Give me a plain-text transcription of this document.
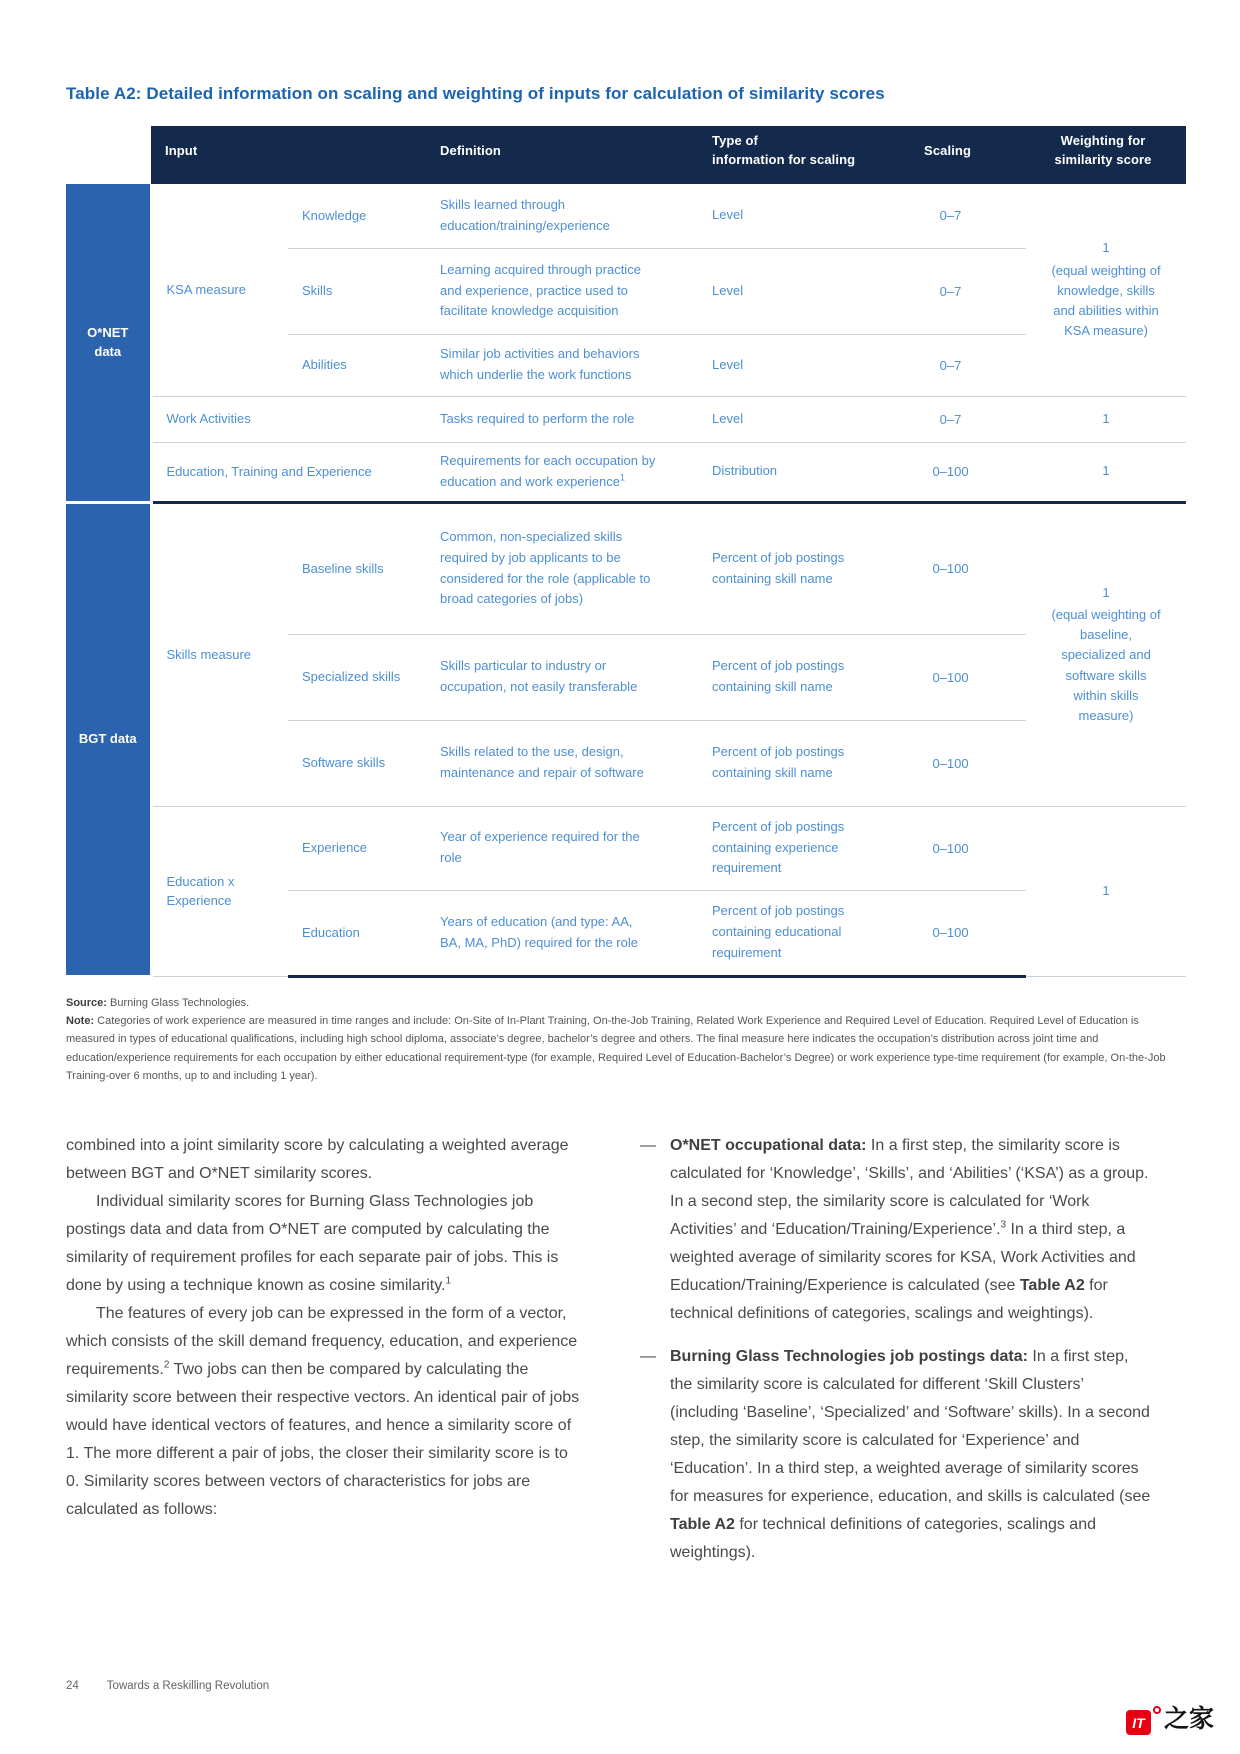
Table A2: Detailed information on scaling and weighting of inputs for calculation of similarity scores
	Input		Definition	Type of
information for scaling	Scaling	Weighting for
similarity score

O*NET data	KSA measure	Knowledge	Skills learned through education/training/experience	Level	0–7	1
(equal weighting of knowledge, skills and abilities within KSA measure)

		Skills	Learning acquired through practice and experience, practice used to facilitate knowledge acquisition	Level	0–7	
		Abilities	Similar job activities and behaviors which underlie the work functions	Level	0–7	
	Work Activities		Tasks required to perform the role	Level	0–7	1
	Education, Training and Experience		Requirements for each occupation by education and work experience$^1$	Distribution	0–100	1
BGT data	Skills measure	Baseline skills	Common, non-specialized skills required by job applicants to be considered for the role (applicable to broad categories of jobs)	Percent of job postings containing skill name	0–100	1
(equal weighting of baseline, specialized and software skills within skills measure)

		Specialized skills	Skills particular to industry or occupation, not easily transferable	Percent of job postings containing skill name	0–100	
		Software skills	Skills related to the use, design, maintenance and repair of software	Percent of job postings containing skill name	0–100	
	Education x Experience	Experience	Year of experience required for the role	Percent of job postings containing experience requirement	0–100	1
		Education	Years of education (and type: AA, BA, MA, PhD) required for the role	Percent of job postings containing educational requirement	0–100	

Source: Burning Glass Technologies.

Note: Categories of work experience are measured in time ranges and include: On-Site of In-Plant Training, On-the-Job Training, Related Work Experience and Required Level of Education. Required Level of Education is measured in types of educational qualifications, including high school diploma, associate’s degree, bachelor’s degree and others. The final measure here indicates the occupation’s distribution across joint time and education/experience requirements for each occupation by either educational requirement-type (for example, Required Level of Education-Bachelor’s Degree) or work experience type-time requirement (for example, On-the-Job Training-over 6 months, up to and including 1 year).

combined into a joint similarity score by calculating a weighted average between BGT and O*NET similarity scores.

Individual similarity scores for Burning Glass Technologies job postings data and data from O*NET are computed by calculating the similarity of requirement profiles for each separate pair of jobs. This is done by using a technique known as cosine similarity.$^1$

The features of every job can be expressed in the form of a vector, which consists of the skill demand frequency, education, and experience requirements.$^2$ Two jobs can then be compared by calculating the similarity score between their respective vectors. An identical pair of jobs would have identical vectors of features, and hence a similarity score of 1. The more different a pair of jobs, the closer their similarity score is to 0. Similarity scores between vectors of characteristics for jobs are calculated as follows:

— O*NET occupational data: In a first step, the similarity score is calculated for ‘Knowledge’, ‘Skills’, and ‘Abilities’ (‘KSA’) as a group. In a second step, the similarity score is calculated for ‘Work Activities’ and ‘Education/Training/Experience’.$^3$ In a third step, a weighted average of similarity scores for KSA, Work Activities and Education/Training/Experience is calculated (see Table A2 for technical definitions of categories, scalings and weightings).
— Burning Glass Technologies job postings data: In a first step, the similarity score is calculated for different ‘Skill Clusters’ (including ‘Baseline’, ‘Specialized’ and ‘Software’ skills). In a second step, the similarity score is calculated for ‘Experience’ and ‘Education’. In a third step, a weighted average of similarity scores for measures for experience, education, and skills is calculated (see Table A2 for technical definitions of categories, scalings and weightings).
24 Towards a Reskilling Revolution
IT 之家
